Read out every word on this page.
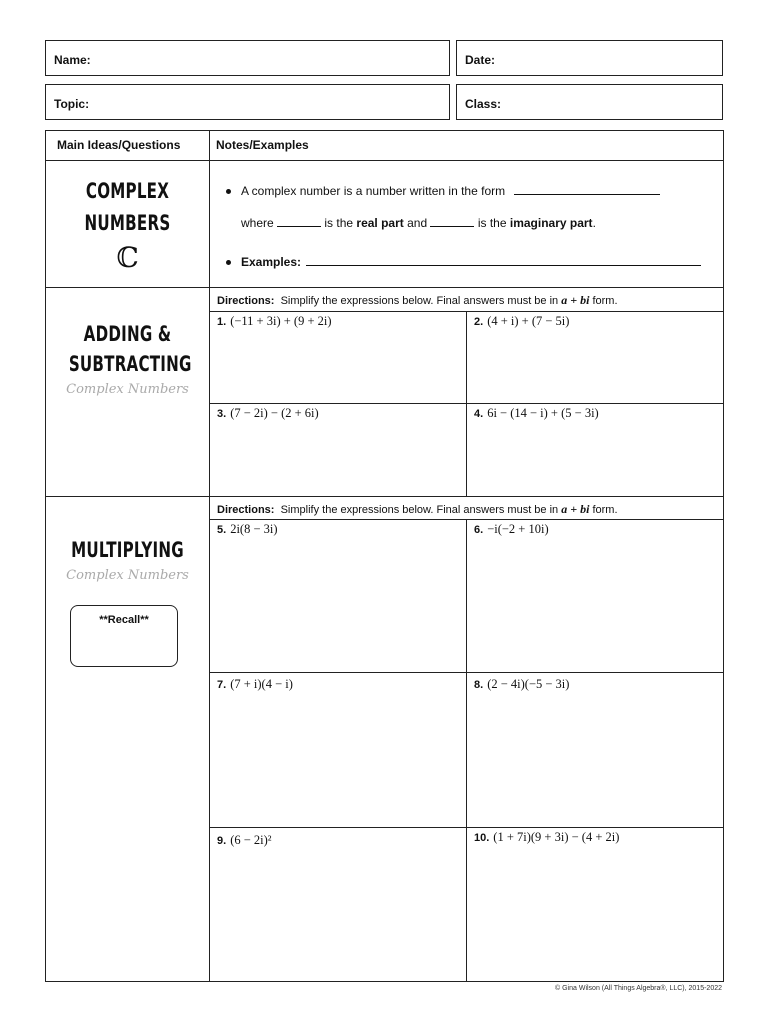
Name:	Date:
Topic:	Class:
Main Ideas/Questions	Notes/Examples
COMPLEX
NUMBERS
ℂ
A complex number is a number written in the form
where	is the real part and	is the imaginary part.
Examples:
ADDING &
SUBTRACTING
Complex Numbers
Directions: Simplify the expressions below. Final answers must be in a + bi form.
1. (−11 + 3i) + (9 + 2i)	2. (4 + i) + (7 − 5i)
3. (7 − 2i) − (2 + 6i)	4. 6i − (14 − i) + (5 − 3i)
MULTIPLYING
Complex Numbers
**Recall**
Directions: Simplify the expressions below. Final answers must be in a + bi form.
5. 2i(8 − 3i)	6. −i(−2 + 10i)
7. (7 + i)(4 − i)	8. (2 − 4i)(−5 − 3i)
9. (6 − 2i)²	10. (1 + 7i)(9 + 3i) − (4 + 2i)
© Gina Wilson (All Things Algebra®, LLC), 2015-2022
